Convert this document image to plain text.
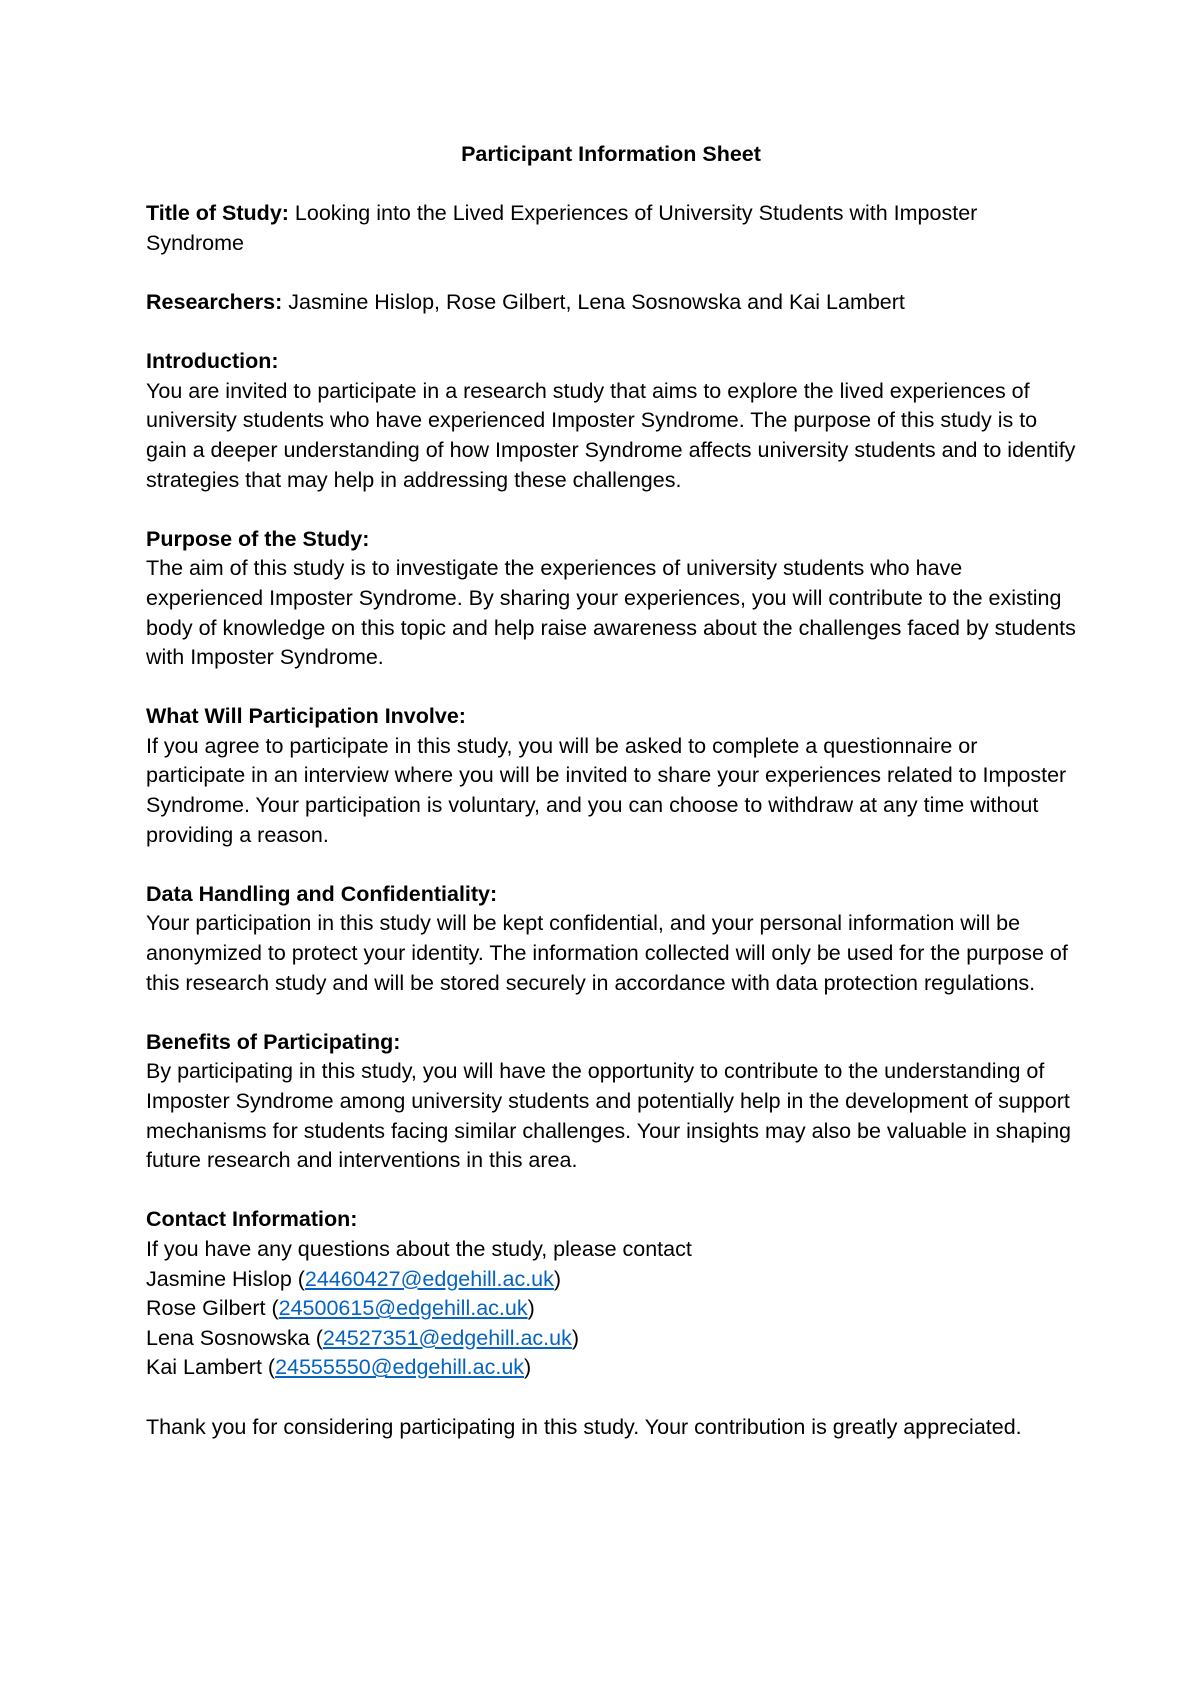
Participant Information Sheet
Title of Study: Looking into the Lived Experiences of University Students with Imposter Syndrome
Researchers: Jasmine Hislop, Rose Gilbert, Lena Sosnowska and Kai Lambert
Introduction:
You are invited to participate in a research study that aims to explore the lived experiences of university students who have experienced Imposter Syndrome. The purpose of this study is to gain a deeper understanding of how Imposter Syndrome affects university students and to identify strategies that may help in addressing these challenges.
Purpose of the Study:
The aim of this study is to investigate the experiences of university students who have experienced Imposter Syndrome. By sharing your experiences, you will contribute to the existing body of knowledge on this topic and help raise awareness about the challenges faced by students with Imposter Syndrome.
What Will Participation Involve:
If you agree to participate in this study, you will be asked to complete a questionnaire or participate in an interview where you will be invited to share your experiences related to Imposter Syndrome. Your participation is voluntary, and you can choose to withdraw at any time without providing a reason.
Data Handling and Confidentiality:
Your participation in this study will be kept confidential, and your personal information will be anonymized to protect your identity. The information collected will only be used for the purpose of this research study and will be stored securely in accordance with data protection regulations.
Benefits of Participating:
By participating in this study, you will have the opportunity to contribute to the understanding of Imposter Syndrome among university students and potentially help in the development of support mechanisms for students facing similar challenges. Your insights may also be valuable in shaping future research and interventions in this area.
Contact Information:
If you have any questions about the study, please contact
Jasmine Hislop (24460427@edgehill.ac.uk)
Rose Gilbert (24500615@edgehill.ac.uk)
Lena Sosnowska (24527351@edgehill.ac.uk)
Kai Lambert (24555550@edgehill.ac.uk)
Thank you for considering participating in this study. Your contribution is greatly appreciated.
